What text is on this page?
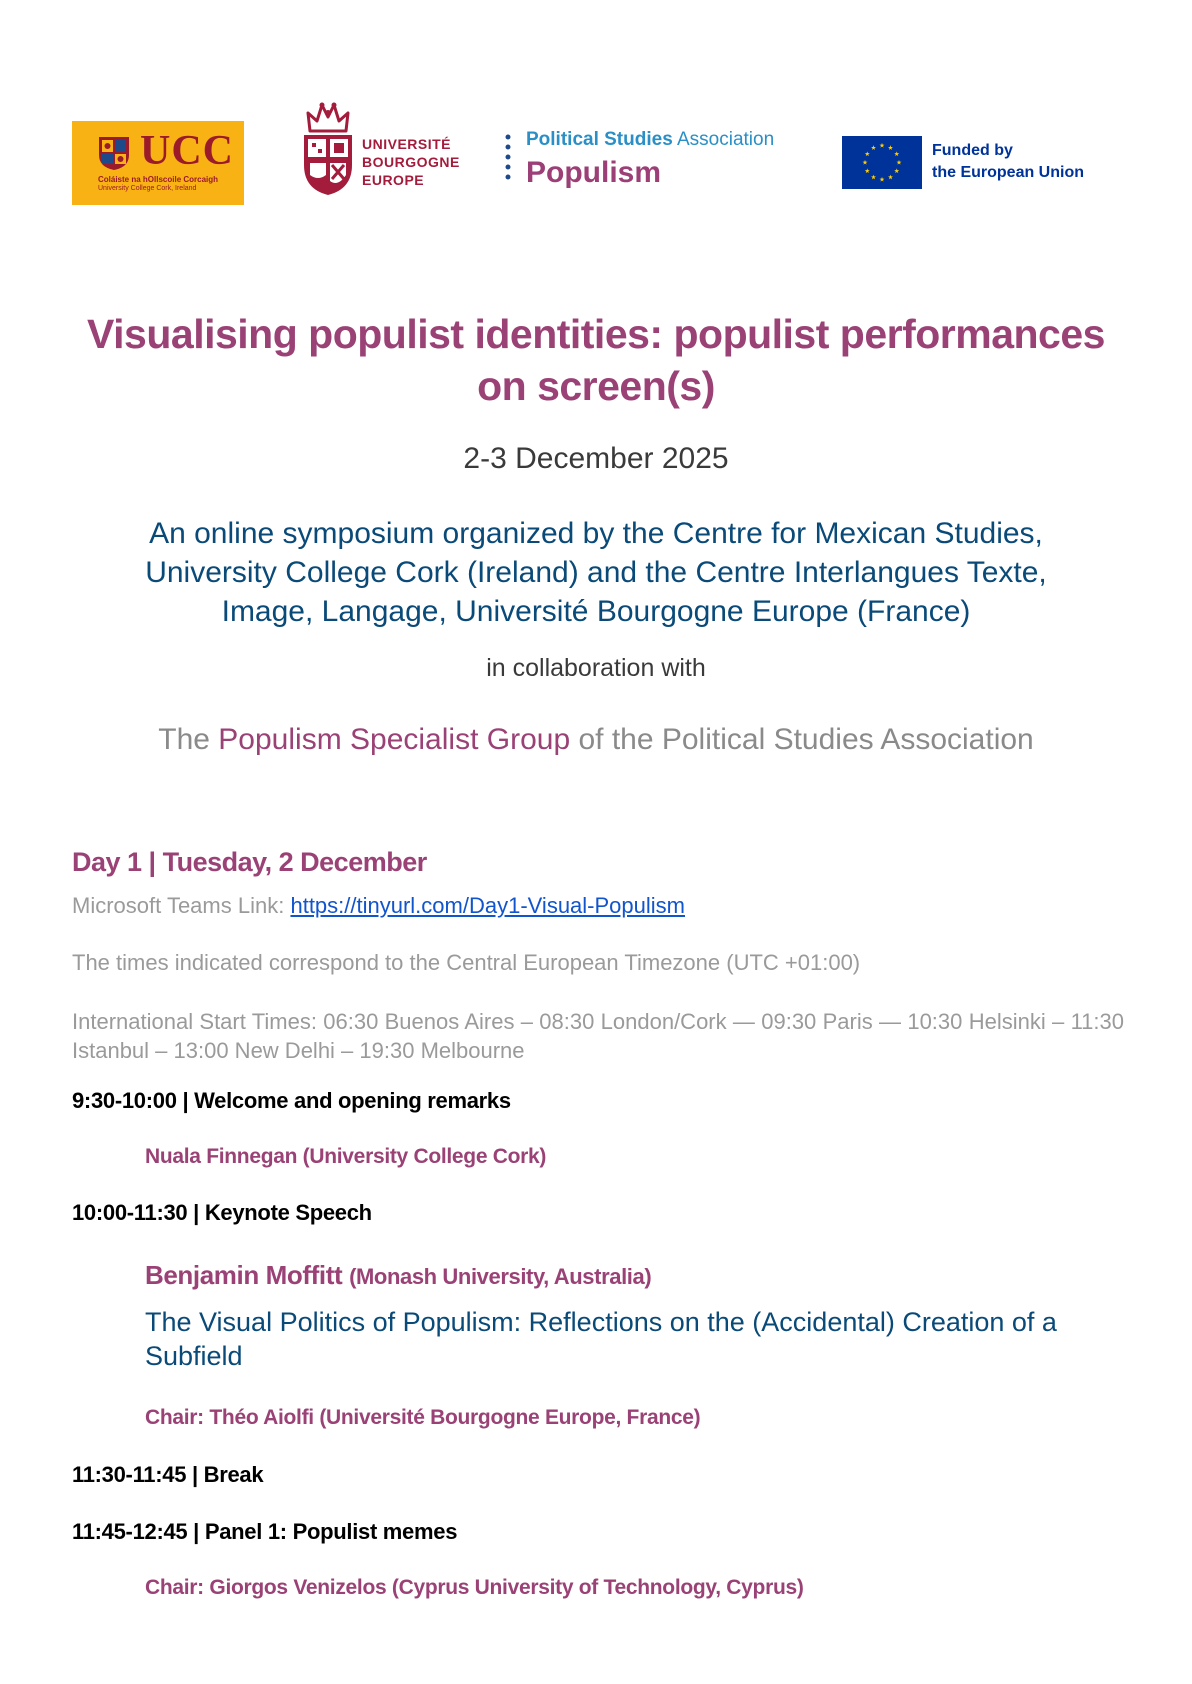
UCC
Coláiste na hOllscoile Corcaigh
University College Cork, Ireland
UNIVERSITÉ
BOURGOGNE
EUROPE
Political Studies Association
Populism
Funded by
the European Union
Visualising populist identities: populist performances
on screen(s)
2-3 December 2025
An online symposium organized by the Centre for Mexican Studies,
University College Cork (Ireland) and the Centre Interlangues Texte,
Image, Langage, Université Bourgogne Europe (France)
in collaboration with
The Populism Specialist Group of the Political Studies Association
Day 1 | Tuesday, 2 December
Microsoft Teams Link: https://tinyurl.com/Day1-Visual-Populism
The times indicated correspond to the Central European Timezone (UTC +01:00)
International Start Times: 06:30 Buenos Aires – 08:30 London/Cork — 09:30 Paris — 10:30 Helsinki – 11:30 Istanbul – 13:00 New Delhi – 19:30 Melbourne
9:30-10:00 | Welcome and opening remarks
Nuala Finnegan (University College Cork)
10:00-11:30 | Keynote Speech
Benjamin Moffitt (Monash University, Australia)
The Visual Politics of Populism: Reflections on the (Accidental) Creation of a Subfield
Chair: Théo Aiolfi (Université Bourgogne Europe, France)
11:30-11:45 | Break
11:45-12:45 | Panel 1: Populist memes
Chair: Giorgos Venizelos (Cyprus University of Technology, Cyprus)
